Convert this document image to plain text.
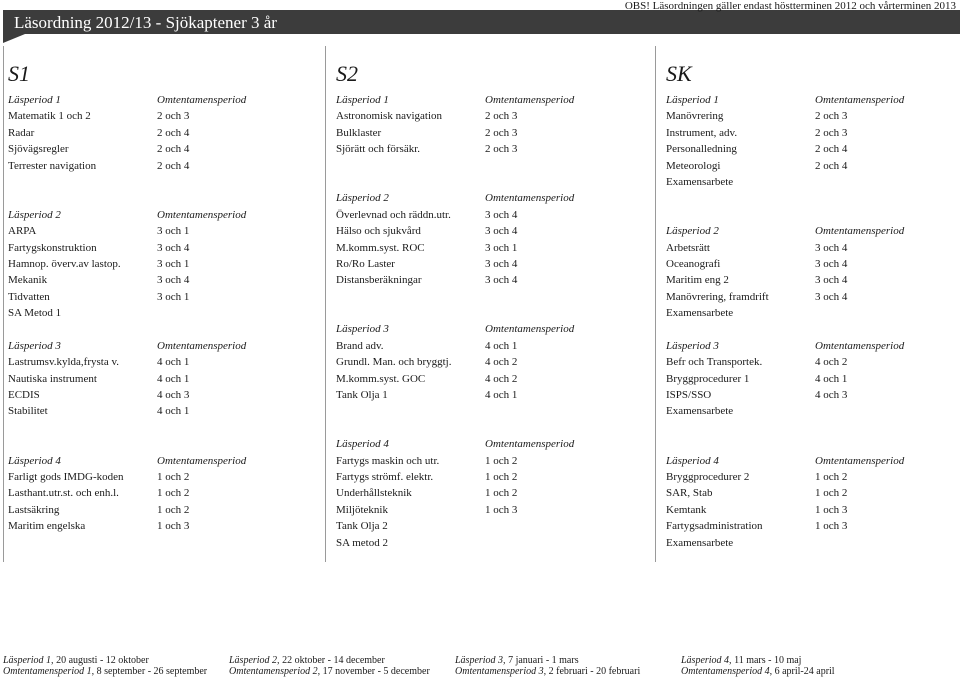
Läsordning 2012/13 - Sjökaptener 3 år
OBS! Läsordningen gäller endast höstterminen 2012 och vårterminen 2013
S1
Läsperiod 1	Omtentamensperiod
Matematik 1 och 2	2 och 3
Radar	2 och 4
Sjövägsregler	2 och 4
Terrester navigation	2 och 4
Läsperiod 2	Omtentamensperiod
ARPA	3 och 1
Fartygskonstruktion	3 och 4
Hamnop. överv.av lastop.	3 och 1
Mekanik	3 och 4
Tidvatten	3 och 1
SA Metod 1
Läsperiod 3	Omtentamensperiod
Lastrumsv.kylda,frysta v.	4 och 1
Nautiska instrument	4 och 1
ECDIS	4 och 3
Stabilitet	4 och 1
Läsperiod 4	Omtentamensperiod
Farligt gods IMDG-koden	1 och 2
Lasthant.utr.st. och enh.l.	1 och 2
Lastsäkring	1 och 2
Maritim engelska	1 och 3
S2
Läsperiod 1	Omtentamensperiod
Astronomisk navigation	2 och 3
Bulklaster	2 och 3
Sjörätt och försäkr.	2 och 3
Läsperiod 2	Omtentamensperiod
Överlevnad och räddn.utr.	3 och 4
Hälso och sjukvård	3 och 4
M.komm.syst. ROC	3 och 1
Ro/Ro Laster	3 och 4
Distansberäkningar	3 och 4
Läsperiod 3	Omtentamensperiod
Brand adv.	4 och 1
Grundl. Man. och bryggtj.	4 och 2
M.komm.syst. GOC	4 och 2
Tank Olja 1	4 och 1
Läsperiod 4	Omtentamensperiod
Fartygs maskin och utr.	1 och 2
Fartygs strömf. elektr.	1 och 2
Underhållsteknik	1 och 2
Miljöteknik	1 och 3
Tank Olja 2
SA metod 2
SK
Läsperiod 1	Omtentamensperiod
Manövrering	2 och 3
Instrument, adv.	2 och 3
Personalledning	2 och 4
Meteorologi	2 och 4
Examensarbete
Läsperiod 2	Omtentamensperiod
Arbetsrätt	3 och 4
Oceanografi	3 och 4
Maritim eng 2	3 och 4
Manövrering, framdrift	3 och 4
Examensarbete
Läsperiod 3	Omtentamensperiod
Befr och Transportek.	4 och 2
Bryggprocedurer 1	4 och 1
ISPS/SSO	4 och 3
Examensarbete
Läsperiod 4	Omtentamensperiod
Bryggprocedurer 2	1 och 2
SAR, Stab	1 och 2
Kemtank	1 och 3
Fartygsadministration	1 och 3
Examensarbete
Läsperiod 1, 20 augusti - 12 oktober
Omtentamensperiod 1, 8 september - 26 september
Läsperiod 2, 22 oktober - 14 december
Omtentamensperiod 2, 17 november - 5 december
Läsperiod 3, 7 januari - 1 mars
Omtentamensperiod 3, 2 februari - 20 februari
Läsperiod 4, 11 mars - 10 maj
Omtentamensperiod 4, 6 april-24 april
